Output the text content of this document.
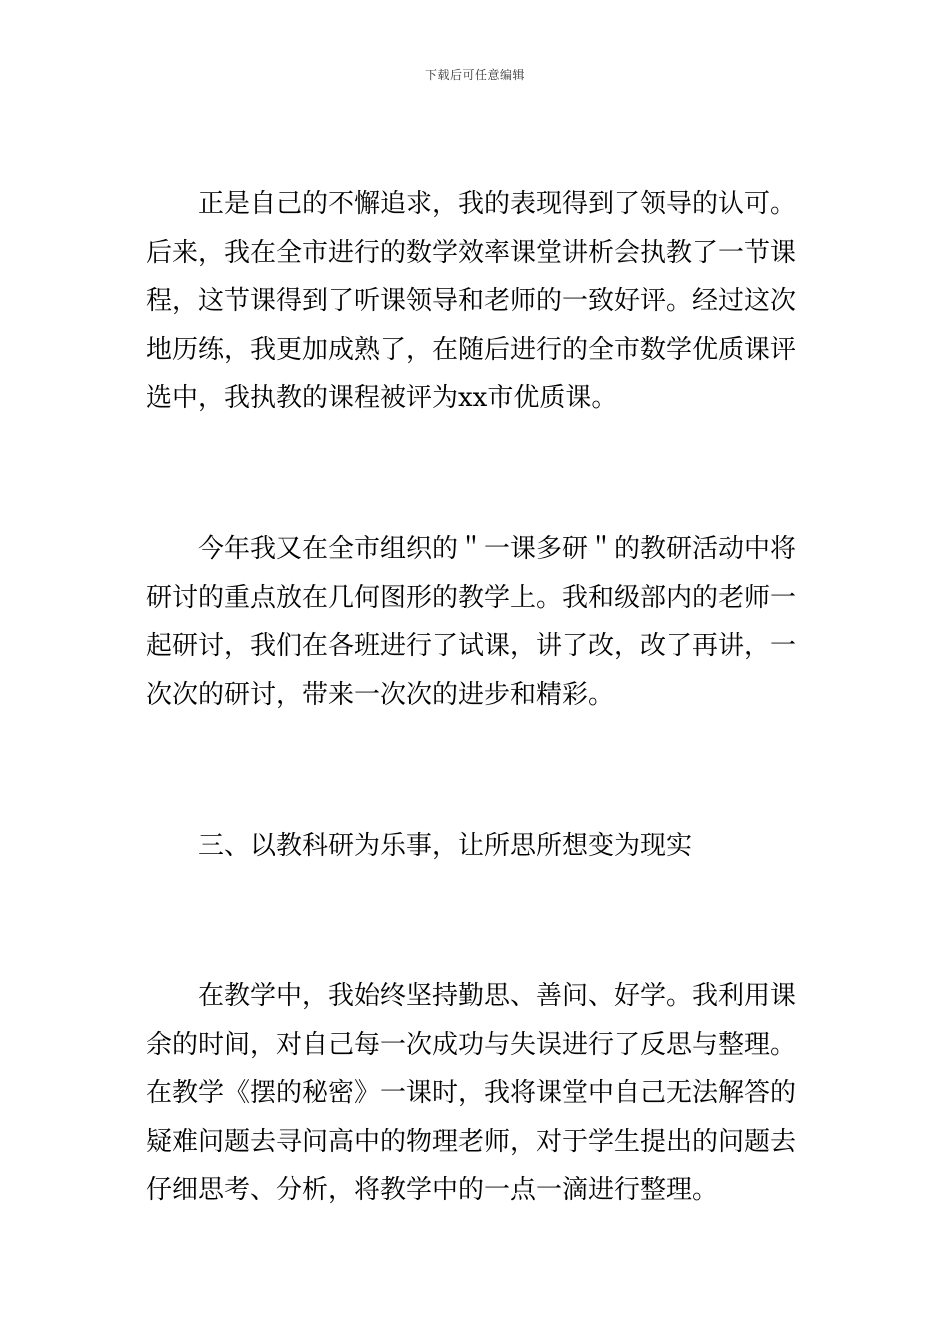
下载后可任意编辑
正是自己的不懈追求，我的表现得到了领导的认可。
后来，我在全市进行的数学效率课堂讲析会执教了一节课
程，这节课得到了听课领导和老师的一致好评。经过这次
地历练，我更加成熟了，在随后进行的全市数学优质课评
选中，我执教的课程被评为xx市优质课。
今年我又在全市组织的＂一课多研＂的教研活动中将
研讨的重点放在几何图形的教学上。我和级部内的老师一
起研讨，我们在各班进行了试课，讲了改，改了再讲，一
次次的研讨，带来一次次的进步和精彩。
三、以教科研为乐事，让所思所想变为现实
在教学中，我始终坚持勤思、善问、好学。我利用课
余的时间，对自己每一次成功与失误进行了反思与整理。
在教学《摆的秘密》一课时，我将课堂中自己无法解答的
疑难问题去寻问高中的物理老师，对于学生提出的问题去
仔细思考、分析，将教学中的一点一滴进行整理。
